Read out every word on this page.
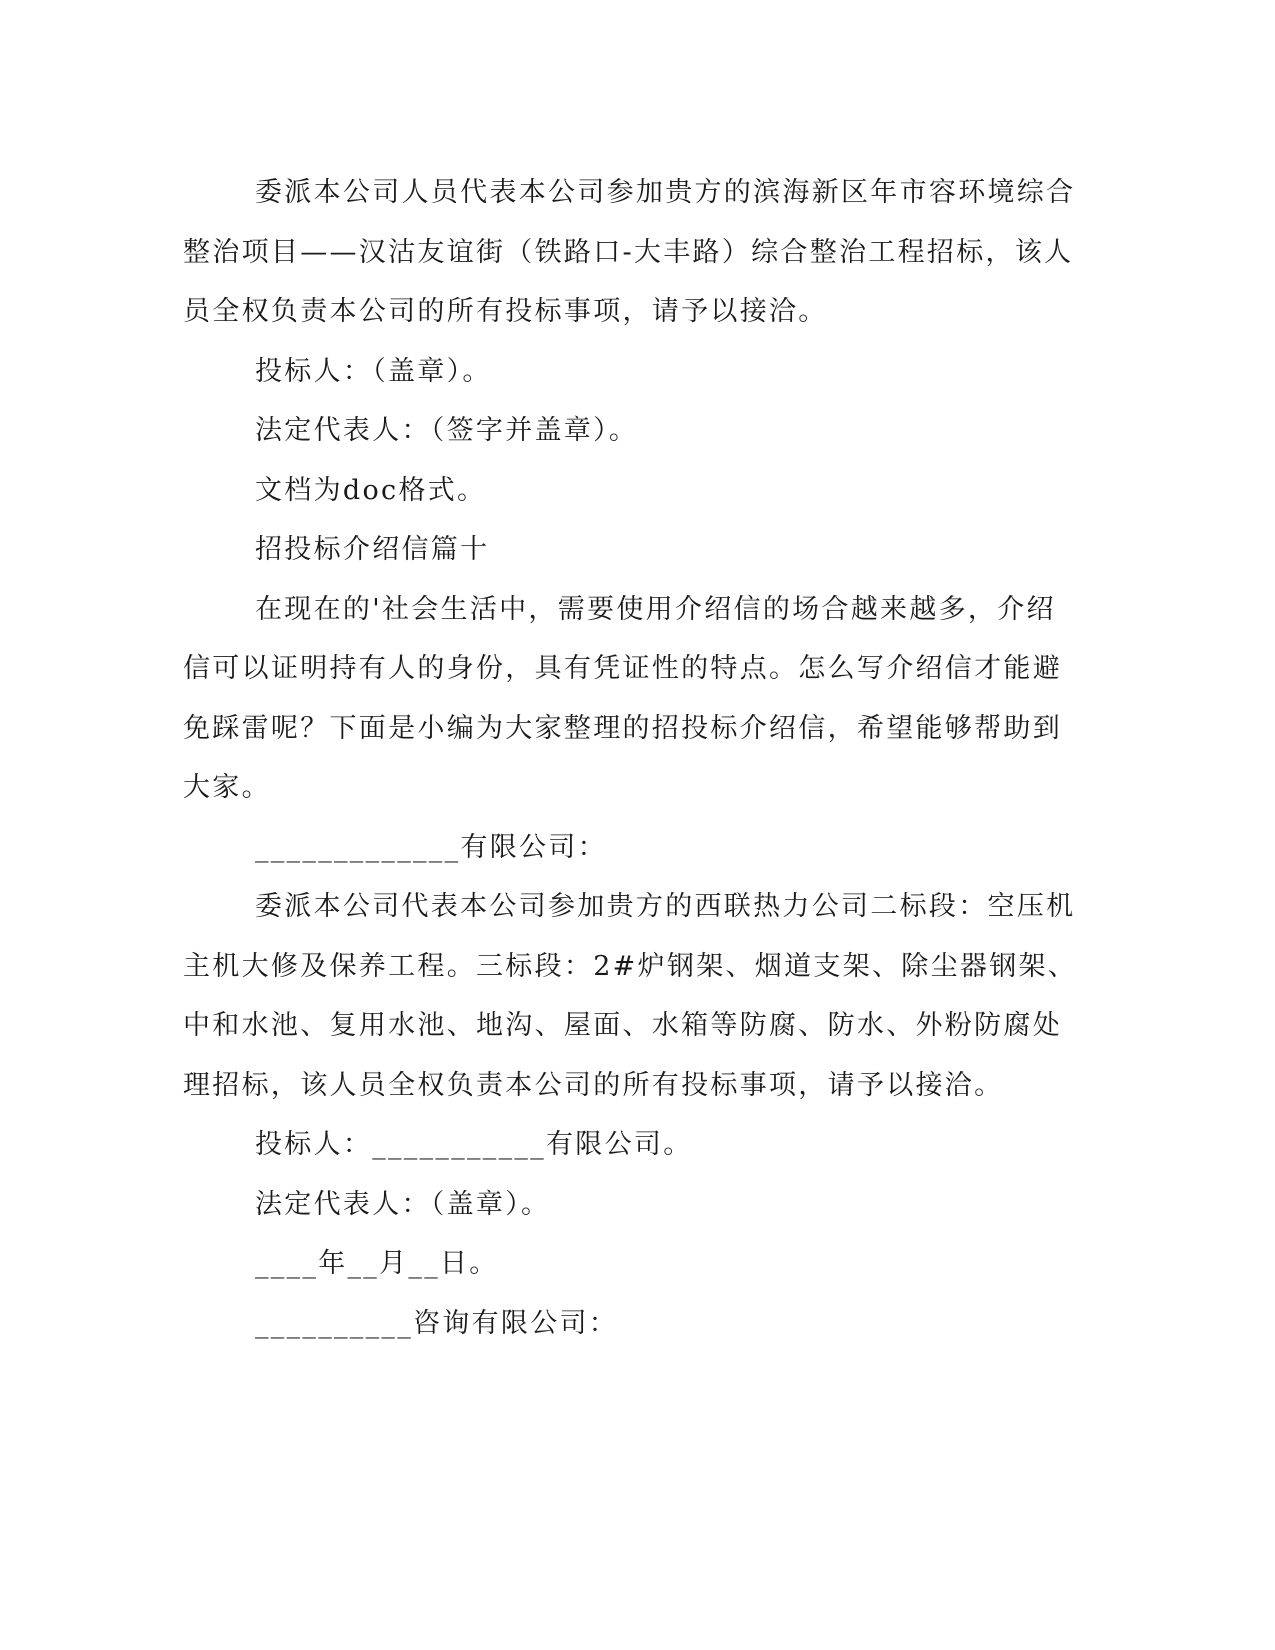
委派本公司人员代表本公司参加贵方的滨海新区年市容环境综合整治项目——汉沽友谊街（铁路口-大丰路）综合整治工程招标，该人员全权负责本公司的所有投标事项，请予以接洽。

投标人：（盖章）。

法定代表人：（签字并盖章）。

文档为doc格式。

招投标介绍信篇十

在现在的'社会生活中，需要使用介绍信的场合越来越多，介绍信可以证明持有人的身份，具有凭证性的特点。怎么写介绍信才能避免踩雷呢？下面是小编为大家整理的招投标介绍信，希望能够帮助到大家。

_____________有限公司：

委派本公司代表本公司参加贵方的西联热力公司二标段：空压机主机大修及保养工程。三标段：2#炉钢架、烟道支架、除尘器钢架、中和水池、复用水池、地沟、屋面、水箱等防腐、防水、外粉防腐处理招标，该人员全权负责本公司的所有投标事项，请予以接洽。

投标人：___________有限公司。

法定代表人：（盖章）。

____年__月__日。

__________咨询有限公司：
